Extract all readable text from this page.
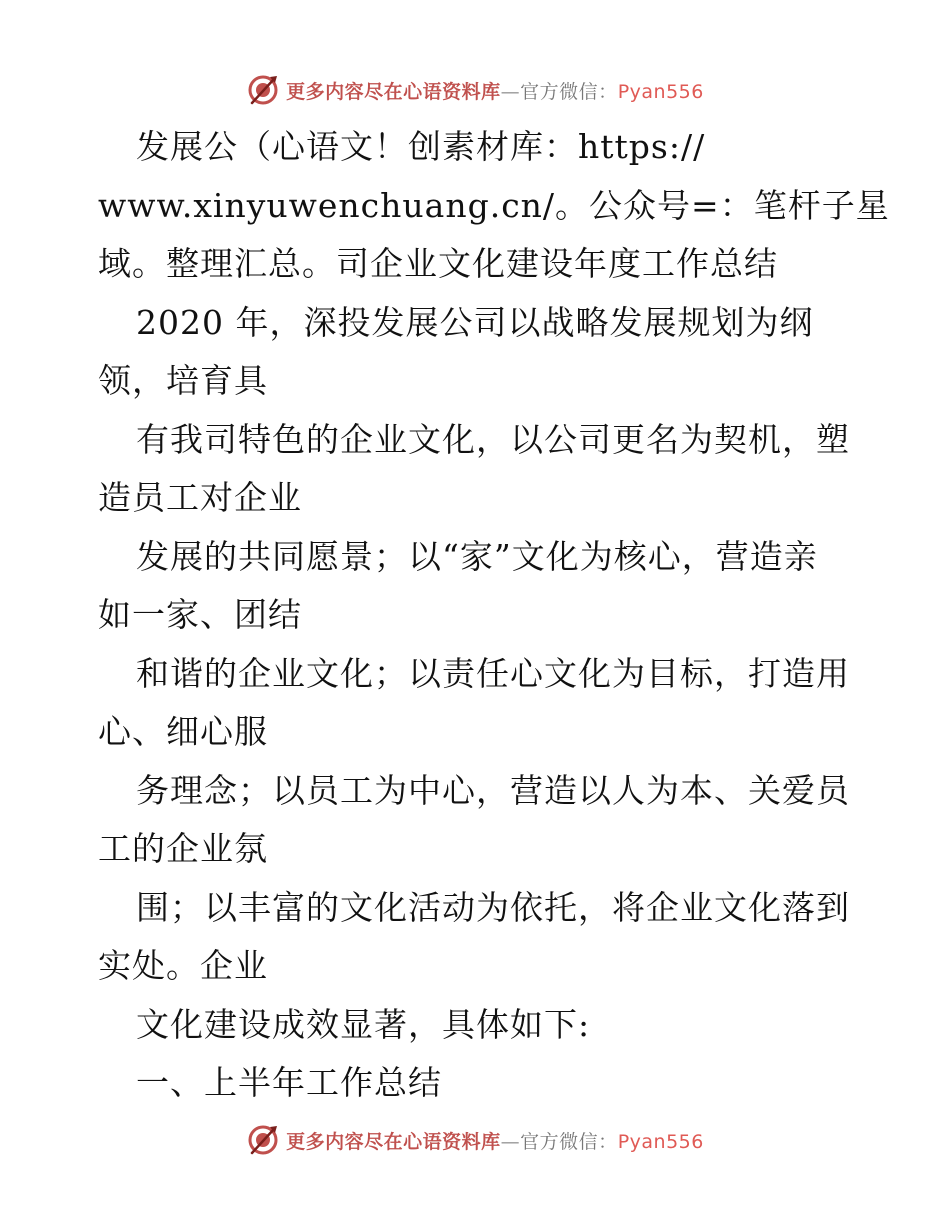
更多内容尽在心语资料库—官方微信：Pyan556
发展公（心语文！创素材库：https://
www.xinyuwenchuang.cn/。公众号=：笔杆子星
域。整理汇总。司企业文化建设年度工作总结
2020 年，深投发展公司以战略发展规划为纲
领，培育具
有我司特色的企业文化，以公司更名为契机，塑
造员工对企业
发展的共同愿景；以“家”文化为核心，营造亲
如一家、团结
和谐的企业文化；以责任心文化为目标，打造用
心、细心服
务理念；以员工为中心，营造以人为本、关爱员
工的企业氛
围；以丰富的文化活动为依托，将企业文化落到
实处。企业
文化建设成效显著，具体如下:
一、上半年工作总结
更多内容尽在心语资料库—官方微信：Pyan556
